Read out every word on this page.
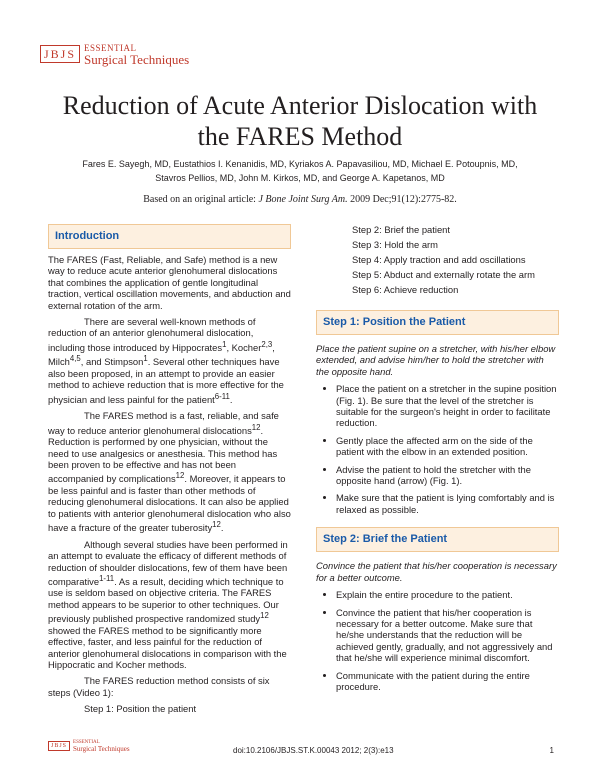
JBJS ESSENTIAL
Surgical Techniques
Reduction of Acute Anterior Dislocation with
the FARES Method

Fares E. Sayegh, MD, Eustathios I. Kenanidis, MD, Kyriakos A. Papavasiliou, MD, Michael E. Potoupnis, MD,
Stavros Pellios, MD, John M. Kirkos, MD, and George A. Kapetanos, MD

Based on an original article: J Bone Joint Surg Am. 2009 Dec;91(12):2775-82.

Introduction

The FARES (Fast, Reliable, and Safe) method is a new way to reduce acute anterior glenohumeral dislocations that combines the application of gentle longitudinal traction, vertical oscillation movements, and abduction and external rotation of the arm.

There are several well-known methods of reduction of an anterior glenohumeral dislocation, including those introduced by Hippocrates$^1$, Kocher$^{2,3}$, Milch$^{4,5}$, and Stimpson$^1$. Several other techniques have also been proposed, in an attempt to provide an easier method to achieve reduction that is more effective for the physician and less painful for the patient$^{6-11}$.

The FARES method is a fast, reliable, and safe way to reduce anterior glenohumeral dislocations$^{12}$. Reduction is performed by one physician, without the need to use analgesics or anesthesia. This method has been proven to be effective and has not been accompanied by complications$^{12}$. Moreover, it appears to be less painful and is faster than other methods of reducing glenohumeral dislocations. It can also be applied to patients with anterior glenohumeral dislocation who also have a fracture of the greater tuberosity$^{12}$.

Although several studies have been performed in an attempt to evaluate the efficacy of different methods of reduction of shoulder dislocations, few of them have been comparative$^{1-11}$. As a result, deciding which technique to use is seldom based on objective criteria. The FARES method appears to be superior to other techniques. Our previously published prospective randomized study$^{12}$ showed the FARES method to be significantly more effective, faster, and less painful for the reduction of anterior glenohumeral dislocations in comparison with the Hippocratic and Kocher methods.

The FARES reduction method consists of six steps (Video 1):

Step 1: Position the patient

Step 2: Brief the patient
Step 3: Hold the arm
Step 4: Apply traction and add oscillations
Step 5: Abduct and externally rotate the arm
Step 6: Achieve reduction
Step 1: Position the Patient

Place the patient supine on a stretcher, with his/her elbow extended, and advise him/her to hold the stretcher with the opposite hand.

• Place the patient on a stretcher in the supine position (Fig. 1). Be sure that the level of the stretcher is suitable for the surgeon's height in order to facilitate reduction.
• Gently place the affected arm on the side of the patient with the elbow in an extended position.
• Advise the patient to hold the stretcher with the opposite hand (arrow) (Fig. 1).
• Make sure that the patient is lying comfortably and is relaxed as possible.
Step 2: Brief the Patient

Convince the patient that his/her cooperation is necessary for a better outcome.

• Explain the entire procedure to the patient.
• Convince the patient that his/her cooperation is necessary for a better outcome. Make sure that he/she understands that the reduction will be achieved gently, gradually, and not aggressively and that he/she will experience minimal discomfort.
• Communicate with the patient during the entire procedure.
JBJS
ESSENTIAL
Surgical Techniques	doi:10.2106/JBJS.ST.K.00043 2012; 2(3):e13	1
